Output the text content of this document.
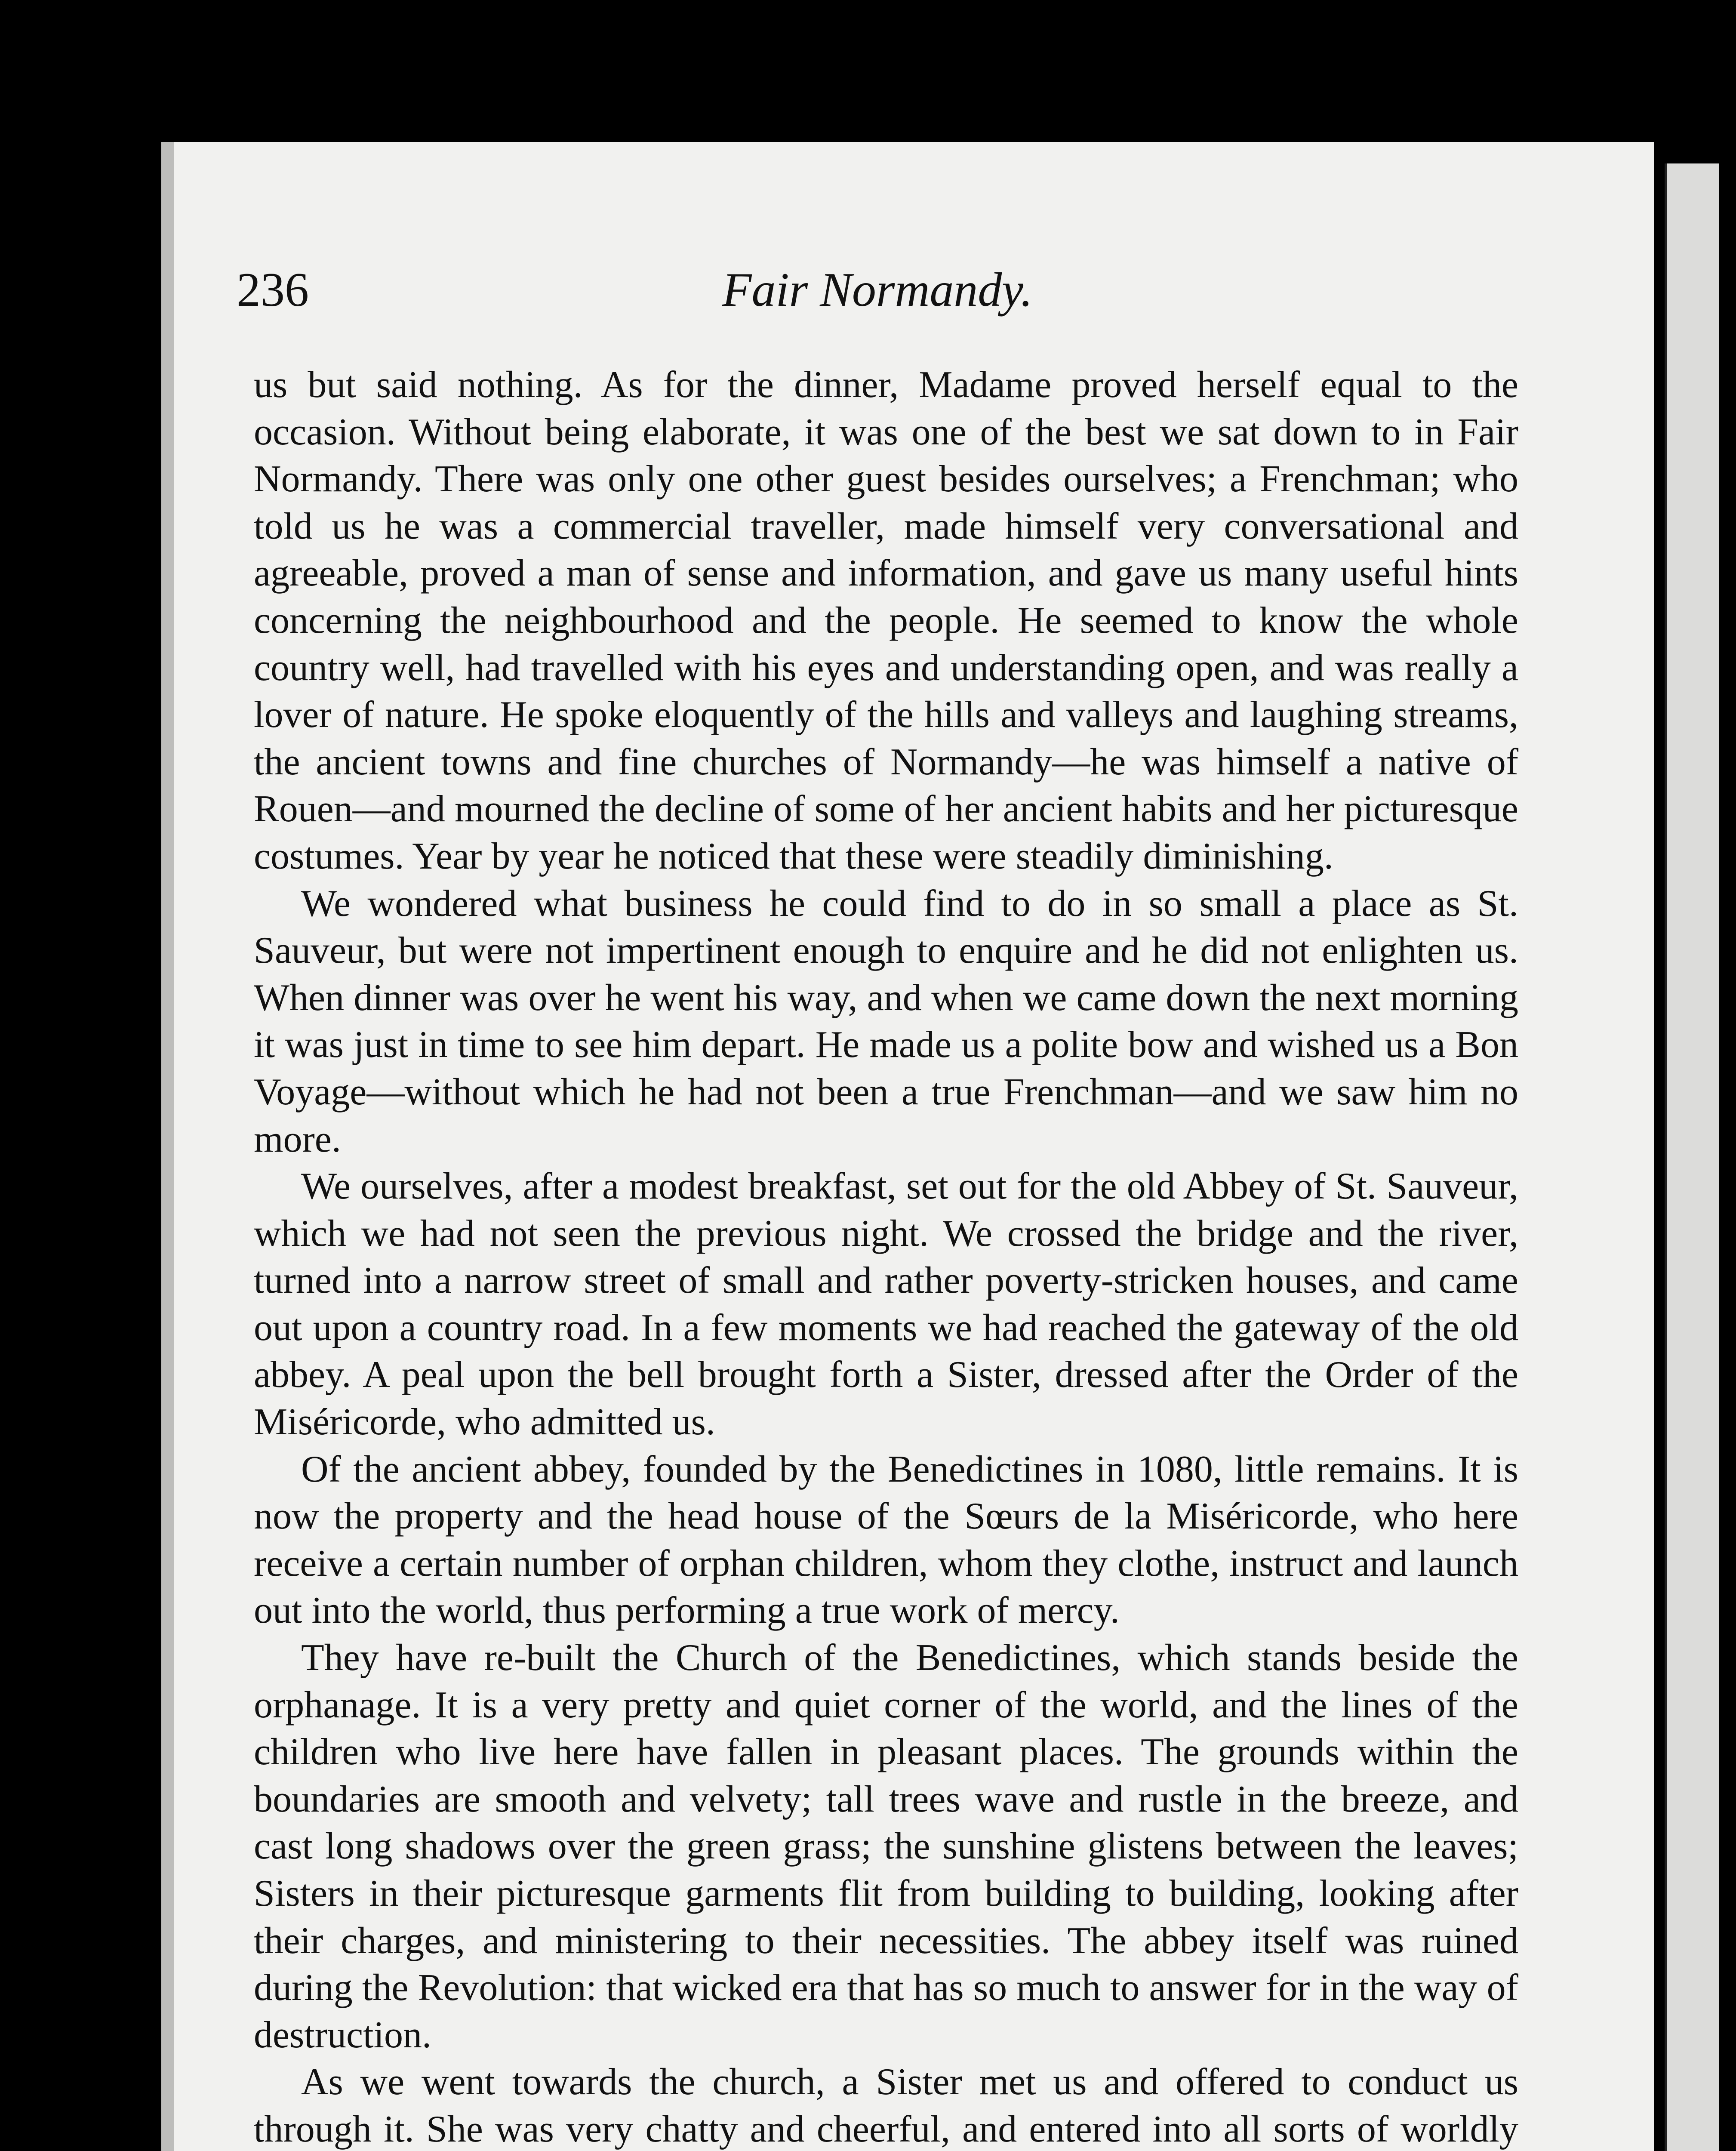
236	Fair Normandy.

us but said nothing. As for the dinner, Madame proved herself equal to the occasion. Without being elaborate, it was one of the best we sat down to in Fair Normandy. There was only one other guest besides ourselves; a Frenchman; who told us he was a commercial traveller, made himself very conversational and agreeable, proved a man of sense and information, and gave us many useful hints concerning the neighbourhood and the people. He seemed to know the whole country well, had travelled with his eyes and understanding open, and was really a lover of nature. He spoke eloquently of the hills and valleys and laughing streams, the ancient towns and fine churches of Normandy—he was himself a native of Rouen—and mourned the decline of some of her ancient habits and her picturesque costumes. Year by year he noticed that these were steadily diminishing.

We wondered what business he could find to do in so small a place as St. Sauveur, but were not impertinent enough to enquire and he did not enlighten us. When dinner was over he went his way, and when we came down the next morning it was just in time to see him depart. He made us a polite bow and wished us a Bon Voyage—without which he had not been a true Frenchman—and we saw him no more.

We ourselves, after a modest breakfast, set out for the old Abbey of St. Sauveur, which we had not seen the previous night. We crossed the bridge and the river, turned into a narrow street of small and rather poverty-stricken houses, and came out upon a country road. In a few moments we had reached the gateway of the old abbey. A peal upon the bell brought forth a Sister, dressed after the Order of the Miséricorde, who admitted us.

Of the ancient abbey, founded by the Benedictines in 1080, little remains. It is now the property and the head house of the Sœurs de la Miséricorde, who here receive a certain number of orphan children, whom they clothe, instruct and launch out into the world, thus performing a true work of mercy.

They have re-built the Church of the Benedictines, which stands beside the orphanage. It is a very pretty and quiet corner of the world, and the lines of the children who live here have fallen in pleasant places. The grounds within the boundaries are smooth and velvety; tall trees wave and rustle in the breeze, and cast long shadows over the green grass; the sunshine glistens between the leaves; Sisters in their picturesque garments flit from building to building, looking after their charges, and ministering to their necessities. The abbey itself was ruined during the Revolution: that wicked era that has so much to answer for in the way of destruction.

As we went towards the church, a Sister met us and offered to conduct us through it. She was very chatty and cheerful, and entered into all sorts of worldly
